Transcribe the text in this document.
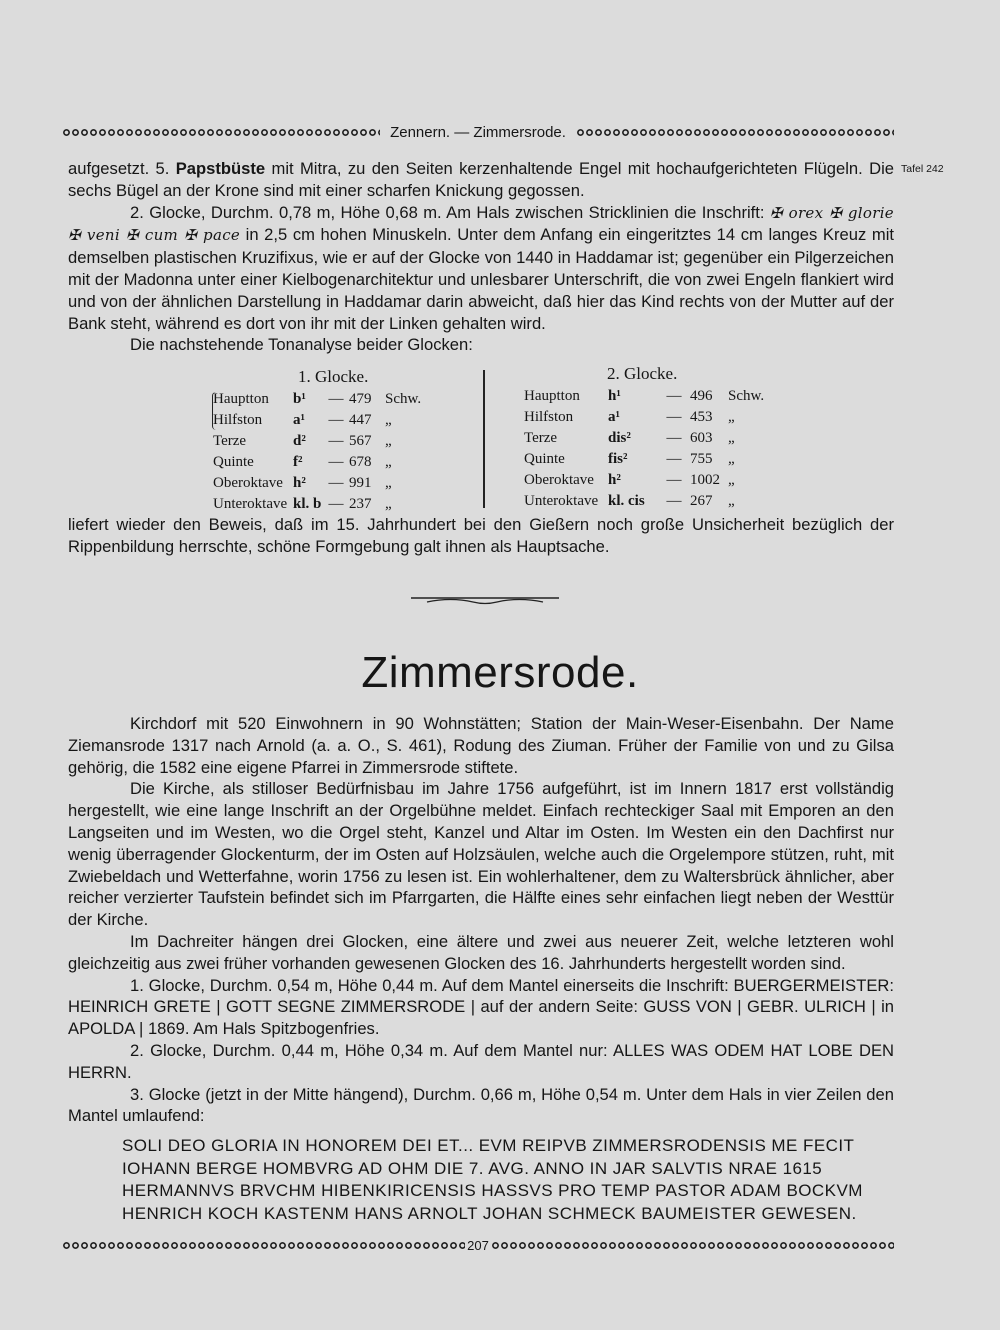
Zennern. — Zimmersrode.
Tafel 242

aufgesetzt. 5. Papstbüste mit Mitra, zu den Seiten kerzenhaltende Engel mit hochaufgerichteten Flügeln. Die sechs Bügel an der Krone sind mit einer scharfen Knickung gegossen.

2. Glocke, Durchm. 0,78 m, Höhe 0,68 m. Am Hals zwischen Stricklinien die Inschrift: ✠ orex ✠ glorie ✠ veni ✠ cum ✠ pace in 2,5 cm hohen Minuskeln. Unter dem Anfang ein eingeritztes 14 cm langes Kreuz mit demselben plastischen Kruzifixus, wie er auf der Glocke von 1440 in Haddamar ist; gegenüber ein Pilgerzeichen mit der Madonna unter einer Kielbogenarchitektur und unlesbarer Unterschrift, die von zwei Engeln flankiert wird und von der ähnlichen Darstellung in Haddamar darin abweicht, daß hier das Kind rechts von der Mutter auf der Bank steht, während es dort von ihr mit der Linken gehalten wird.

Die nachstehende Tonanalyse beider Glocken:

1. Glocke.	2. Glocke.
Hauptton	b¹	—	479	Schw.
Hilfston	a¹	—	447	„
Terze	d²	—	567	„
Quinte	f²	—	678	„
Oberoktave	h²	—	991	„
Unteroktave	kl. b	—	237	„
Hauptton	h¹	—	496	Schw.
Hilfston	a¹	—	453	„
Terze	dis²	—	603	„
Quinte	fis²	—	755	„
Oberoktave	h²	—	1002	„
Unteroktave	kl. cis	—	267	„

liefert wieder den Beweis, daß im 15. Jahrhundert bei den Gießern noch große Unsicherheit bezüglich der Rippenbildung herrschte, schöne Formgebung galt ihnen als Hauptsache.

Zimmersrode.

Kirchdorf mit 520 Einwohnern in 90 Wohnstätten; Station der Main-Weser-Eisenbahn. Der Name Ziemansrode 1317 nach Arnold (a. a. O., S. 461), Rodung des Ziuman. Früher der Familie von und zu Gilsa gehörig, die 1582 eine eigene Pfarrei in Zimmersrode stiftete.

Die Kirche, als stilloser Bedürfnisbau im Jahre 1756 aufgeführt, ist im Innern 1817 erst vollständig hergestellt, wie eine lange Inschrift an der Orgelbühne meldet. Einfach rechteckiger Saal mit Emporen an den Langseiten und im Westen, wo die Orgel steht, Kanzel und Altar im Osten. Im Westen ein den Dachfirst nur wenig überragender Glockenturm, der im Osten auf Holzsäulen, welche auch die Orgelempore stützen, ruht, mit Zwiebeldach und Wetterfahne, worin 1756 zu lesen ist. Ein wohlerhaltener, dem zu Waltersbrück ähnlicher, aber reicher verzierter Taufstein befindet sich im Pfarrgarten, die Hälfte eines sehr einfachen liegt neben der Westtür der Kirche.

Im Dachreiter hängen drei Glocken, eine ältere und zwei aus neuerer Zeit, welche letzteren wohl gleichzeitig aus zwei früher vorhanden gewesenen Glocken des 16. Jahrhunderts hergestellt worden sind.

1. Glocke, Durchm. 0,54 m, Höhe 0,44 m. Auf dem Mantel einerseits die Inschrift: BUERGERMEISTER: HEINRICH GRETE | GOTT SEGNE ZIMMERSRODE | auf der andern Seite: GUSS VON | GEBR. ULRICH | in APOLDA | 1869. Am Hals Spitzbogenfries.

2. Glocke, Durchm. 0,44 m, Höhe 0,34 m. Auf dem Mantel nur: ALLES WAS ODEM HAT LOBE DEN HERRN.

3. Glocke (jetzt in der Mitte hängend), Durchm. 0,66 m, Höhe 0,54 m. Unter dem Hals in vier Zeilen den Mantel umlaufend:

SOLI DEO GLORIA IN HONOREM DEI ET... EVM REIPVB ZIMMERSRODENSIS ME FECIT

IOHANN BERGE HOMBVRG AD OHM DIE 7. AVG. ANNO IN JAR SALVTIS NRAE 1615

HERMANNVS BRVCHM HIBENKIRICENSIS HASSVS PRO TEMP PASTOR ADAM BOCKVM

HENRICH KOCH KASTENM HANS ARNOLT JOHAN SCHMECK BAUMEISTER GEWESEN.

207
